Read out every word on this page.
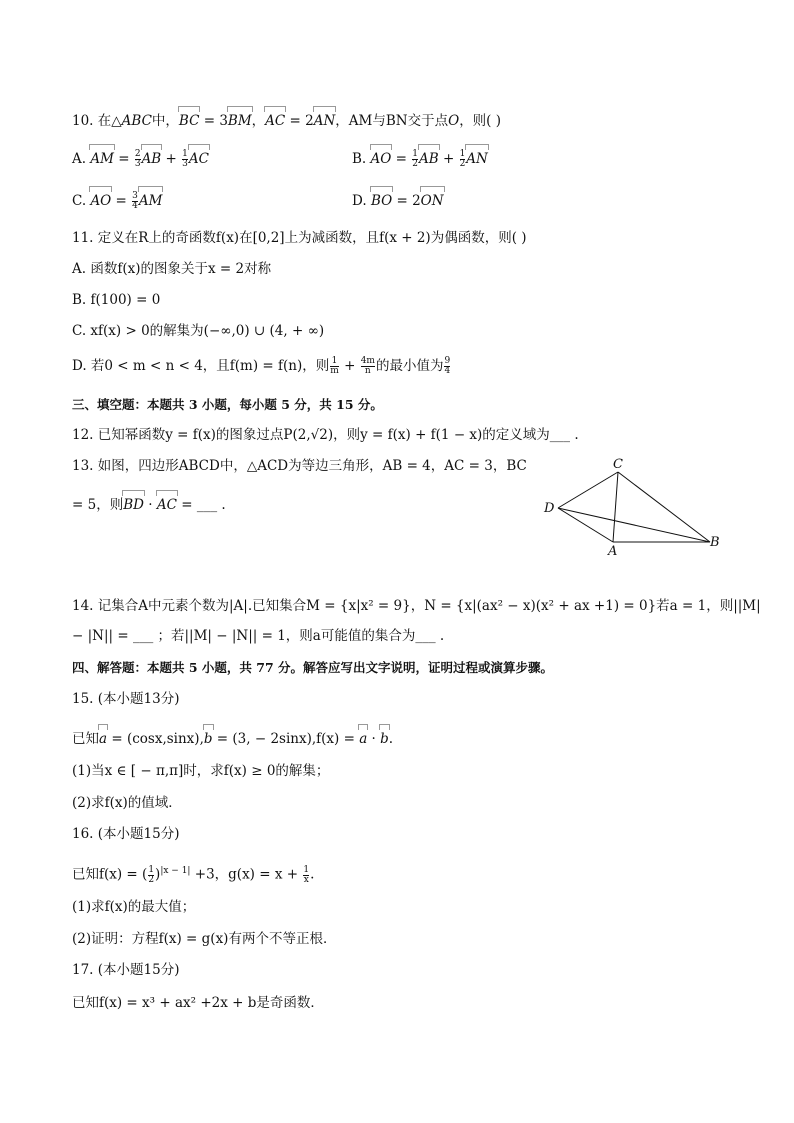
10. 在△ABC中，BC = 3BM，AC = 2AN，AM与BN交于点O，则( )
A. AM = $\frac{2}{3}$ AB + $\frac{1}{3}$ AC	B. AO = $\frac{1}{2}$ AB + $\frac{1}{2}$ AN
C. AO = $\frac{3}{4}$ AM	D. BO = 2ON
11. 定义在R上的奇函数f(x)在[0,2]上为减函数，且f(x + 2)为偶函数，则( )
A. 函数f(x)的图象关于x = 2对称
B. f(100) = 0
C. xf(x) > 0的解集为(−∞,0) ∪ (4, + ∞)
D. 若0 < m < n < 4，且f(m) = f(n)，则 $\frac{1}{m} + \frac{4m}{n}$ 的最小值为 $\frac{9}{4}$
三、填空题：本题共 3 小题，每小题 5 分，共 15 分。
12. 已知幂函数y = f(x)的图象过点P(2,√2)，则y = f(x) + f(1 − x)的定义域为___ .
13. 如图，四边形ABCD中，△ACD为等边三角形，AB = 4，AC = 3，BC
= 5，则BD · AC = ___ .
C
D
A
B
14. 记集合A中元素个数为|A|.已知集合M = {x|x² = 9}，N = {x|(ax² − x)(x² + ax +1) = 0}若a = 1，则||M|
− |N|| = ___ ；若||M| − |N|| = 1，则a可能值的集合为___ .
四、解答题：本题共 5 小题，共 77 分。解答应写出文字说明，证明过程或演算步骤。
15. (本小题13分)
已知a = (cosx,sinx),b = (3, − 2sinx),f(x) = a · b.
(1)当x ∈ [ − π,π]时，求f(x) ≥ 0的解集；
(2)求f(x)的值域．
16. (本小题15分)
已知f(x) = ( $\frac{1}{2} )^{|x - 1|} +3$，$g(x) = x + \frac{1}{x}$ .
(1)求f(x)的最大值；
(2)证明：方程f(x) = g(x)有两个不等正根．
17. (本小题15分)
已知f(x) = x³ + ax² +2x + b是奇函数．
